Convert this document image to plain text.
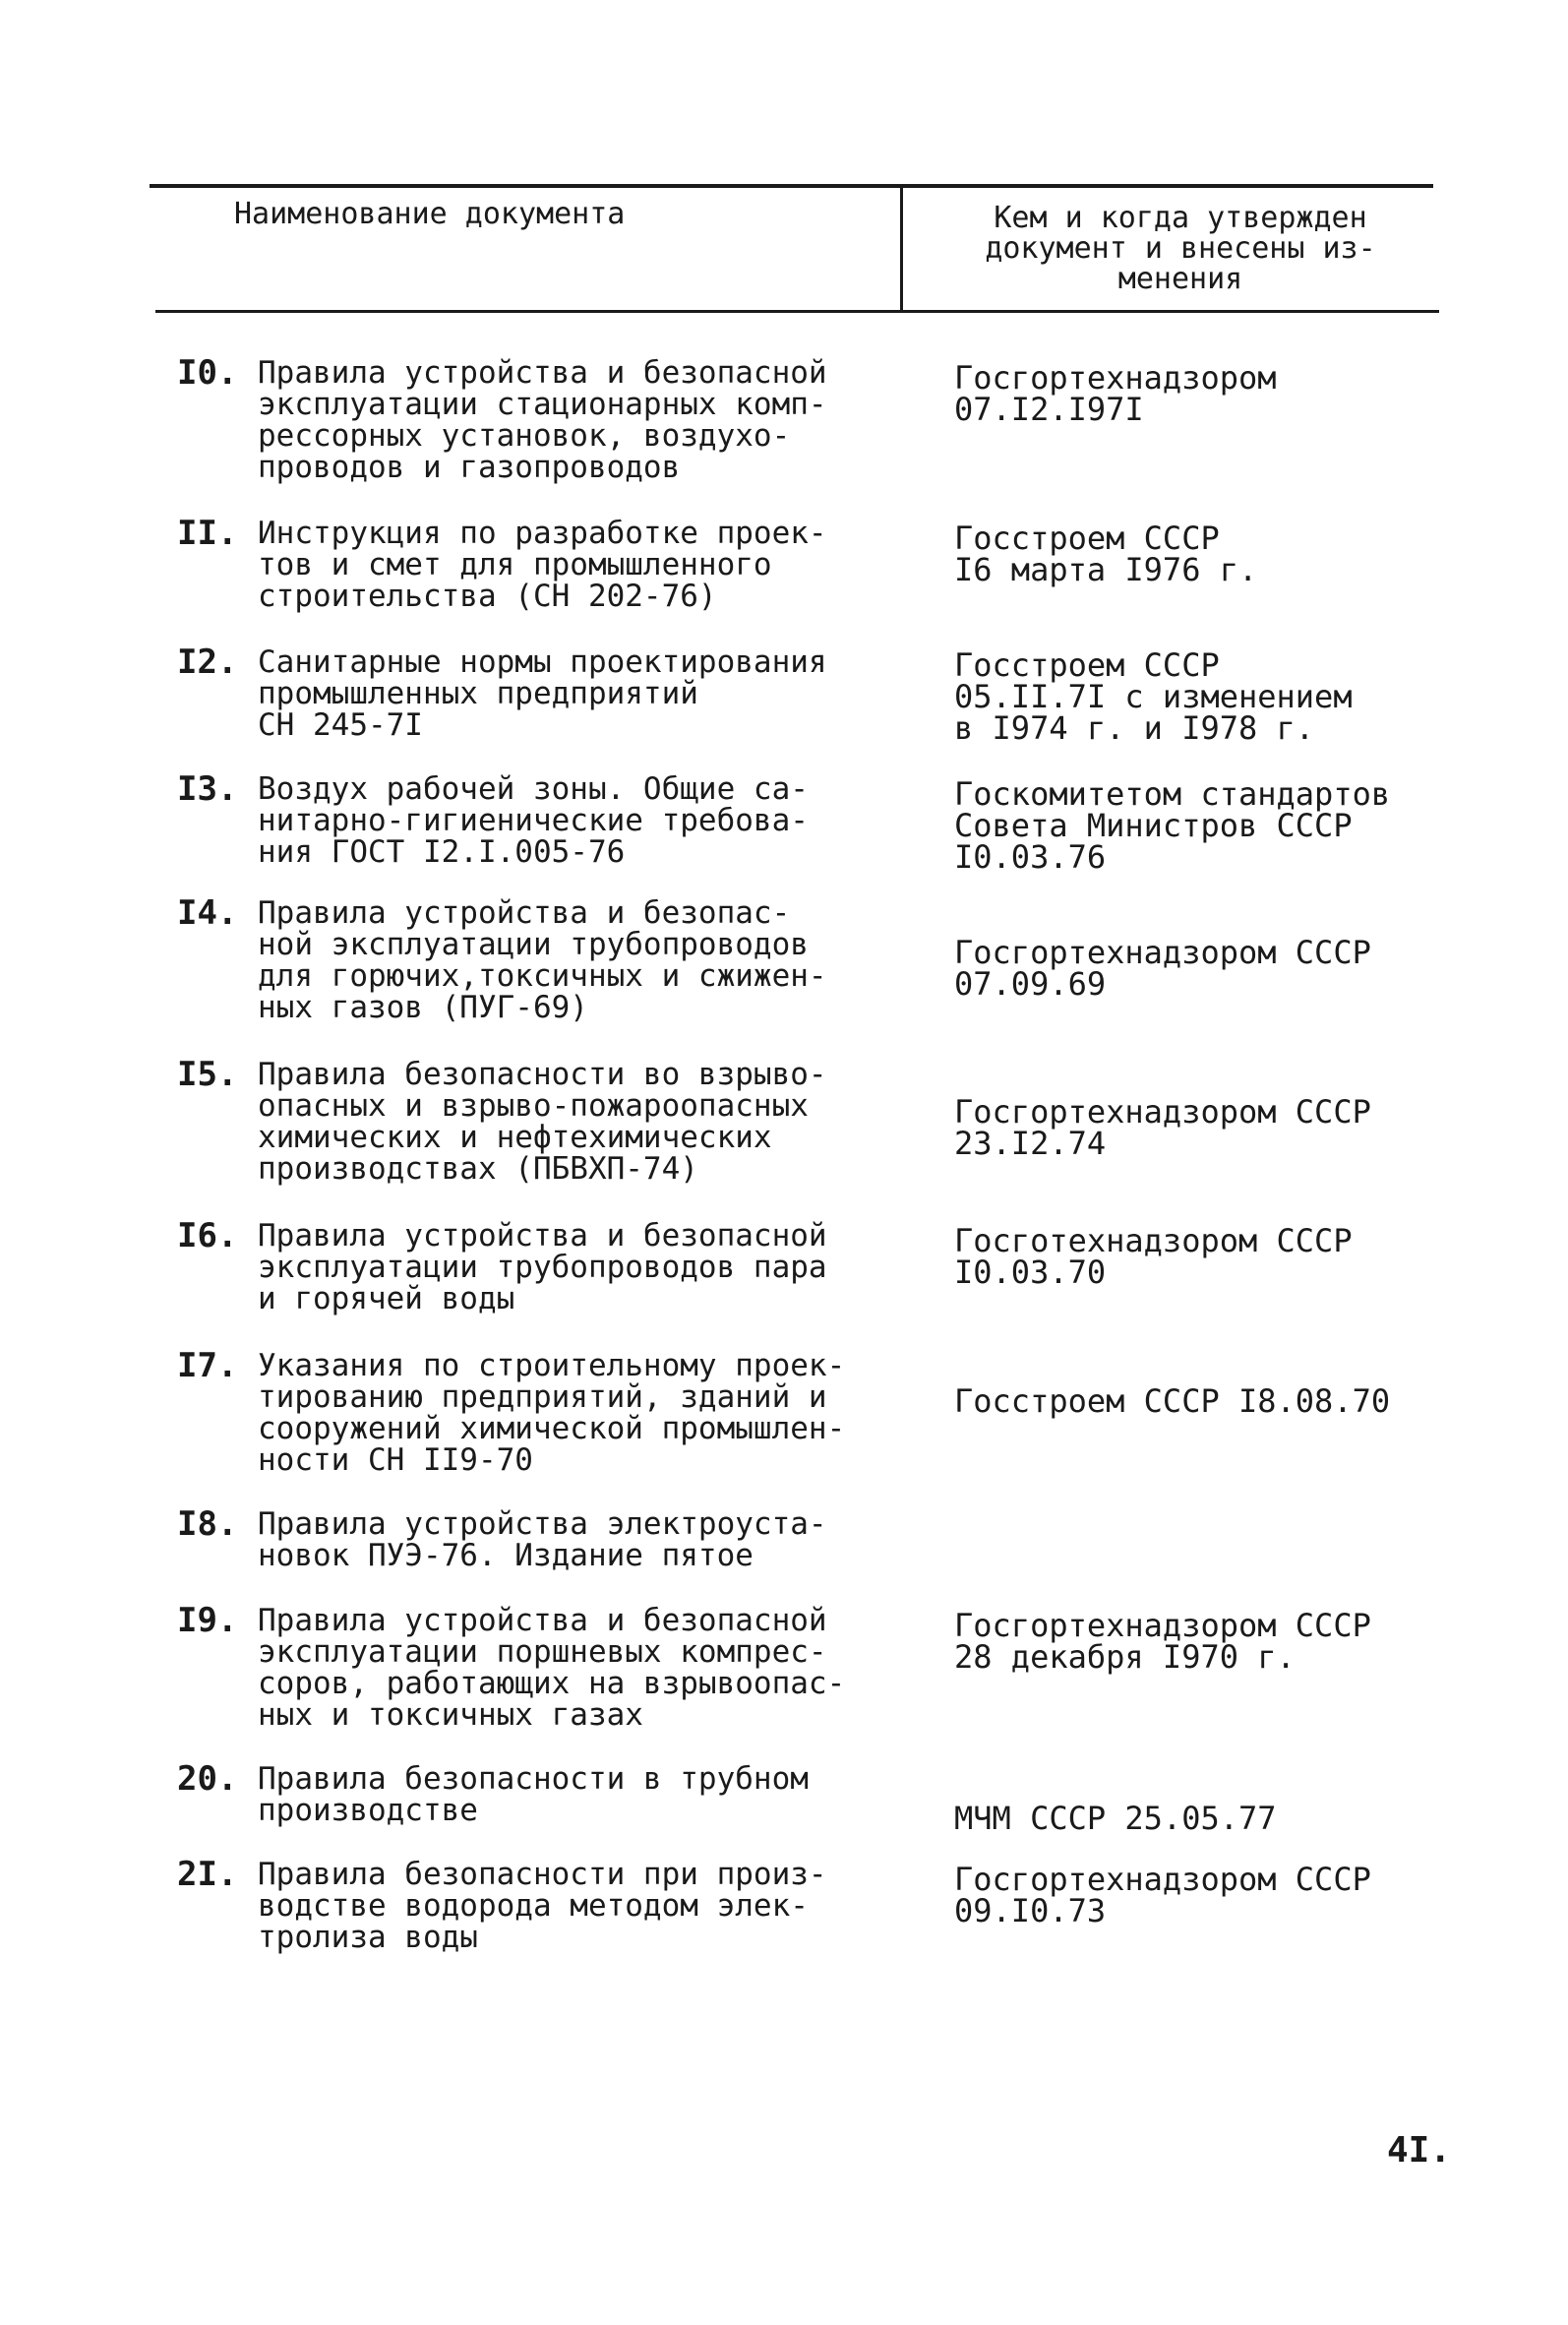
Наименование документа	Кем и когда утвержден
документ и внесены из-
менения
I0. Правила устройства и безопасной
эксплуатации стационарных комп-
рессорных установок, воздухо-
проводов и газопроводов
Госгортехнадзором
07.I2.I97I
II. Инструкция по разработке проек-
тов и смет для промышленного
строительства (СН 202-76)
Госстроем СССР
I6 марта I976 г.
I2. Санитарные нормы проектирования
промышленных предприятий
СН 245-7I
Госстроем СССР
05.II.7I с изменением
в I974 г. и I978 г.
I3. Воздух рабочей зоны. Общие са-
нитарно-гигиенические требова-
ния ГОСТ I2.I.005-76
Госкомитетом стандартов
Совета Министров СССР
I0.03.76
I4. Правила устройства и безопас-
ной эксплуатации трубопроводов
для горючих,токсичных и сжижен-
ных газов (ПУГ-69)
Госгортехнадзором СССР
07.09.69
I5. Правила безопасности во взрыво-
опасных и взрыво-пожароопасных
химических и нефтехимических
производствах (ПБВХП-74)
Госгортехнадзором СССР
23.I2.74
I6. Правила устройства и безопасной
эксплуатации трубопроводов пара
и горячей воды
Госготехнадзором СССР
I0.03.70
I7. Указания по строительному проек-
тированию предприятий, зданий и
сооружений химической промышлен-
ности СН II9-70
Госстроем СССР I8.08.70
I8. Правила устройства электроуста-
новок ПУЭ-76. Издание пятое
I9. Правила устройства и безопасной
эксплуатации поршневых компрес-
соров, работающих на взрывоопас-
ных и токсичных газах
Госгортехнадзором СССР
28 декабря I970 г.
20. Правила безопасности в трубном
производстве	МЧМ СССР 25.05.77
2I. Правила безопасности при произ-
водстве водорода методом элек-
тролиза воды
Госгортехнадзором СССР
09.I0.73
4I.
